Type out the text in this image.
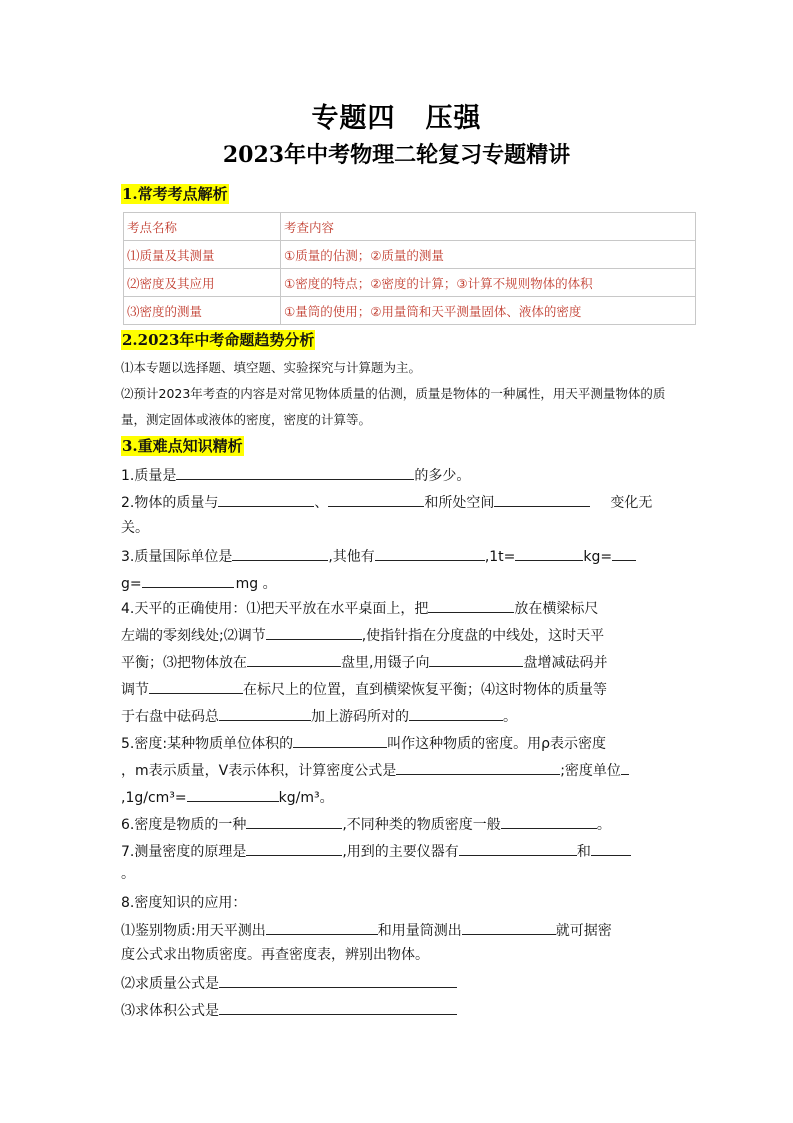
专题四 压强
2023年中考物理二轮复习专题精讲
1.常考考点解析
考点名称	考查内容
⑴质量及其测量	①质量的估测；②质量的测量
⑵密度及其应用	①密度的特点；②密度的计算；③计算不规则物体的体积
⑶密度的测量	①量筒的使用；②用量筒和天平测量固体、液体的密度
2.2023年中考命题趋势分析
⑴本专题以选择题、填空题、实验探究与计算题为主。
⑵预计2023年考查的内容是对常见物体质量的估测，质量是物体的一种属性，用天平测量物体的质量，测定固体或液体的密度，密度的计算等。
3.重难点知识精析
1.质量是	的多少。
2.物体的质量与	、	和所处空间	变化无
关。
3.质量国际单位是	,其他有	,1t=	kg=
g=	mg 。
4.天平的正确使用：⑴把天平放在水平桌面上，把	放在横梁标尺
左端的零刻线处;⑵调节	,使指针指在分度盘的中线处，这时天平
平衡；⑶把物体放在	盘里,用镊子向	盘增减砝码并
调节	在标尺上的位置，直到横梁恢复平衡；⑷这时物体的质量等
于右盘中砝码总	加上游码所对的	。
5.密度:某种物质单位体积的	叫作这种物质的密度。用ρ表示密度
，m表示质量，V表示体积，计算密度公式是	;密度单位
,1g/cm³=	kg/m³。
6.密度是物质的一种	,不同种类的物质密度一般	。
7.测量密度的原理是	,用到的主要仪器有	和
。
8.密度知识的应用：
⑴鉴别物质:用天平测出	和用量筒测出	就可据密
度公式求出物质密度。再查密度表，辨别出物体。
⑵求质量公式是
⑶求体积公式是
